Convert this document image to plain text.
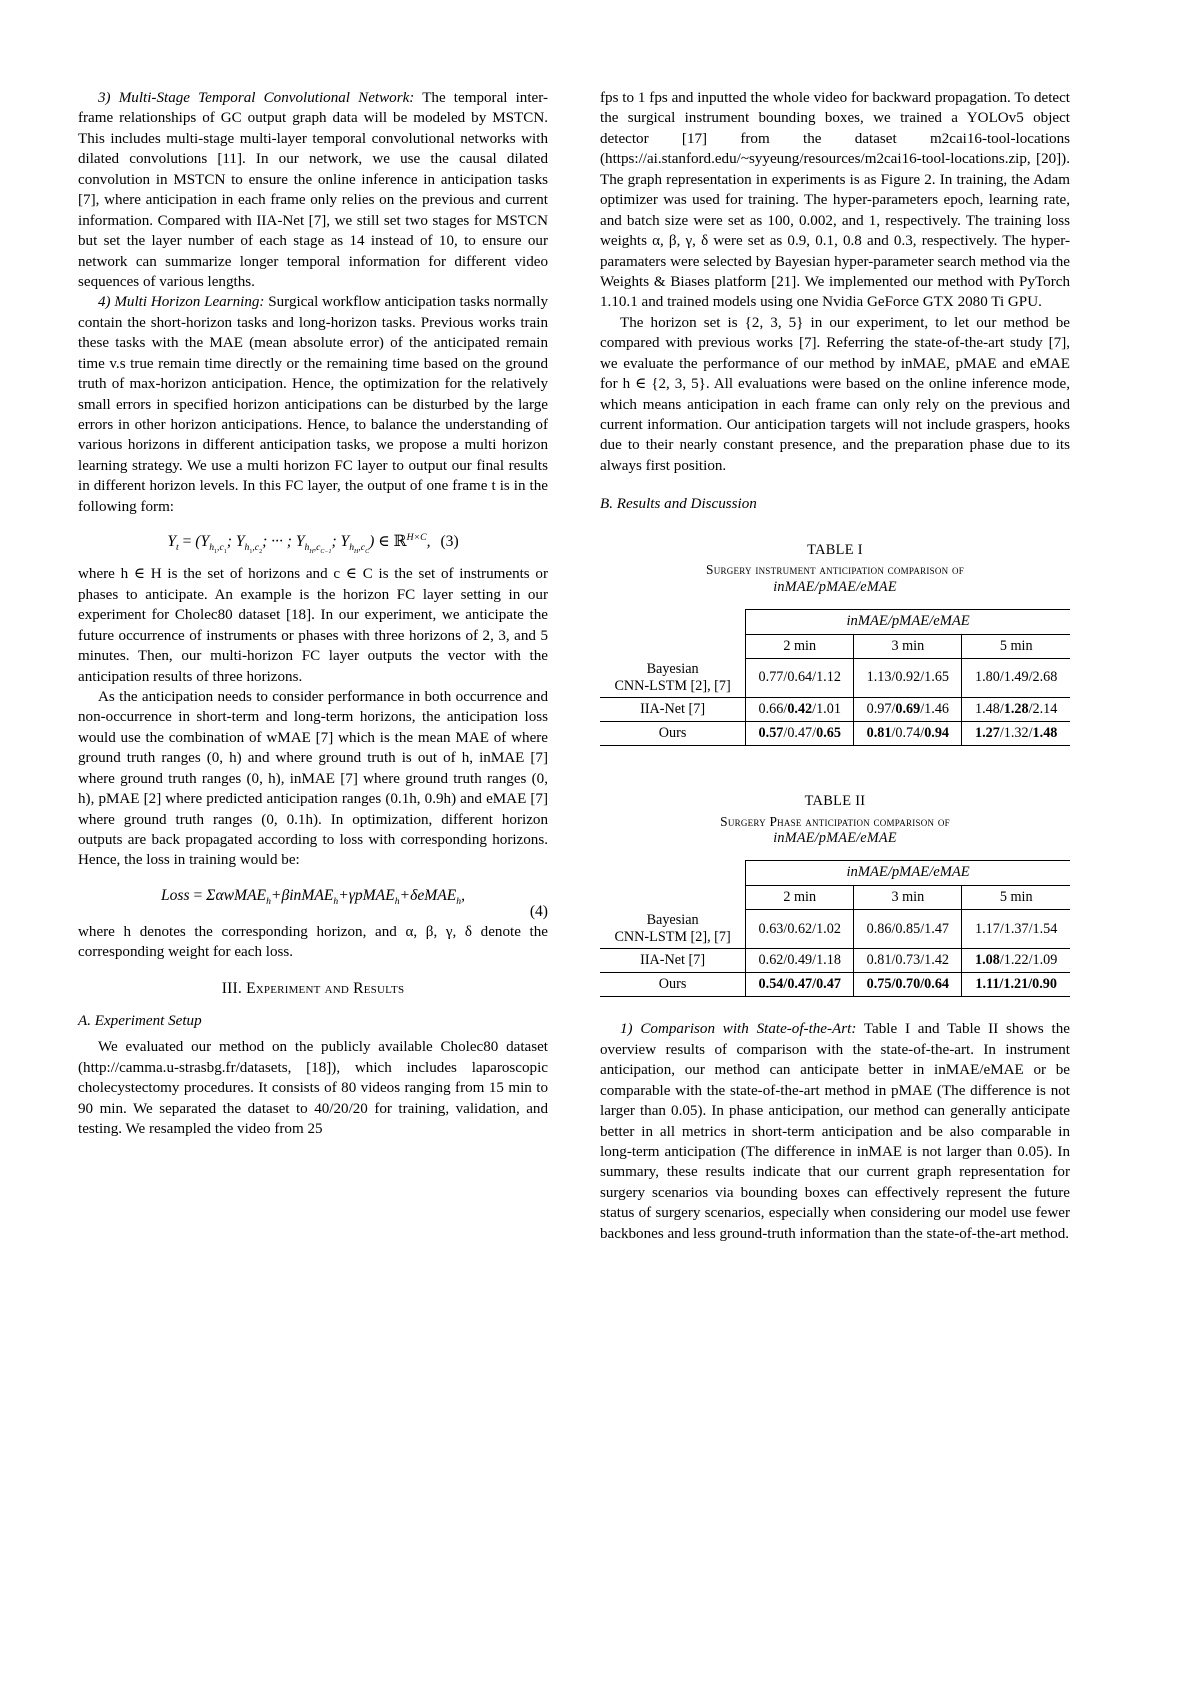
3) Multi-Stage Temporal Convolutional Network: The temporal inter-frame relationships of GC output graph data will be modeled by MSTCN. This includes multi-stage multi-layer temporal convolutional networks with dilated convolutions [11]. In our network, we use the causal dilated convolution in MSTCN to ensure the online inference in anticipation tasks [7], where anticipation in each frame only relies on the previous and current information. Compared with IIA-Net [7], we still set two stages for MSTCN but set the layer number of each stage as 14 instead of 10, to ensure our network can summarize longer temporal information for different video sequences of various lengths.

4) Multi Horizon Learning: Surgical workflow anticipation tasks normally contain the short-horizon tasks and long-horizon tasks. Previous works train these tasks with the MAE (mean absolute error) of the anticipated remain time v.s true remain time directly or the remaining time based on the ground truth of max-horizon anticipation. Hence, the optimization for the relatively small errors in specified horizon anticipations can be disturbed by the large errors in other horizon anticipations. Hence, to balance the understanding of various horizons in different anticipation tasks, we propose a multi horizon learning strategy. We use a multi horizon FC layer to output our final results in different horizon levels. In this FC layer, the output of one frame t is in the following form:

$Y_t = (Y_{h_1,c_1}$; $Y_{h_1,c_2}$; ··· ; $Y_{h_H,c_{C-1}}$; $Y_{h_H,c_C}$) ∈ ℝ$^{H\times C}$, (3)

where h ∈ H is the set of horizons and c ∈ C is the set of instruments or phases to anticipate. An example is the horizon FC layer setting in our experiment for Cholec80 dataset [18]. In our experiment, we anticipate the future occurrence of instruments or phases with three horizons of 2, 3, and 5 minutes. Then, our multi-horizon FC layer outputs the vector with the anticipation results of three horizons.

As the anticipation needs to consider performance in both occurrence and non-occurrence in short-term and long-term horizons, the anticipation loss would use the combination of wMAE [7] which is the mean MAE of where ground truth ranges (0, h) and where ground truth is out of h, inMAE [7] where ground truth ranges (0, h), inMAE [7] where ground truth ranges (0, h), pMAE [2] where predicted anticipation ranges (0.1h, 0.9h) and eMAE [7] where ground truth ranges (0, 0.1h). In optimization, different horizon outputs are back propagated according to loss with corresponding horizons. Hence, the loss in training would be:

Loss = ΣαwMAE$_h$+βinMAE$_h$+γpMAE$_h$+δeMAE$_h$,
(4)

where h denotes the corresponding horizon, and α, β, γ, δ denote the corresponding weight for each loss.

III. Experiment and Results

A. Experiment Setup

We evaluated our method on the publicly available Cholec80 dataset (http://camma.u-strasbg.fr/datasets, [18]), which includes laparoscopic cholecystectomy procedures. It consists of 80 videos ranging from 15 min to 90 min. We separated the dataset to 40/20/20 for training, validation, and testing. We resampled the video from 25

fps to 1 fps and inputted the whole video for backward propagation. To detect the surgical instrument bounding boxes, we trained a YOLOv5 object detector [17] from the dataset m2cai16-tool-locations (https://ai.stanford.edu/~syyeung/resources/m2cai16-tool-locations.zip, [20]). The graph representation in experiments is as Figure 2. In training, the Adam optimizer was used for training. The hyper-parameters epoch, learning rate, and batch size were set as 100, 0.002, and 1, respectively. The training loss weights α, β, γ, δ were set as 0.9, 0.1, 0.8 and 0.3, respectively. The hyper-paramaters were selected by Bayesian hyper-parameter search method via the Weights & Biases platform [21]. We implemented our method with PyTorch 1.10.1 and trained models using one Nvidia GeForce GTX 2080 Ti GPU.

The horizon set is {2, 3, 5} in our experiment, to let our method be compared with previous works [7]. Referring the state-of-the-art study [7], we evaluate the performance of our method by inMAE, pMAE and eMAE for h ∈ {2, 3, 5}. All evaluations were based on the online inference mode, which means anticipation in each frame can only rely on the previous and current information. Our anticipation targets will not include graspers, hooks due to their nearly constant presence, and the preparation phase due to its always first position.

B. Results and Discussion

TABLE I
Surgery instrument anticipation comparison of
inMAE/pMAE/eMAE
	inMAE/pMAE/eMAE		
	2 min	3 min	5 min
Bayesian
CNN-LSTM [2], [7]	0.77/0.64/1.12	1.13/0.92/1.65	1.80/1.49/2.68
IIA-Net [7]	0.66/0.42/1.01	0.97/0.69/1.46	1.48/1.28/2.14
Ours	0.57/0.47/0.65	0.81/0.74/0.94	1.27/1.32/1.48
TABLE II
Surgery Phase anticipation comparison of
inMAE/pMAE/eMAE
	inMAE/pMAE/eMAE		
	2 min	3 min	5 min
Bayesian
CNN-LSTM [2], [7]	0.63/0.62/1.02	0.86/0.85/1.47	1.17/1.37/1.54
IIA-Net [7]	0.62/0.49/1.18	0.81/0.73/1.42	1.08/1.22/1.09
Ours	0.54/0.47/0.47	0.75/0.70/0.64	1.11/1.21/0.90

1) Comparison with State-of-the-Art: Table I and Table II shows the overview results of comparison with the state-of-the-art. In instrument anticipation, our method can anticipate better in inMAE/eMAE or be comparable with the state-of-the-art method in pMAE (The difference is not larger than 0.05). In phase anticipation, our method can generally anticipate better in all metrics in short-term anticipation and be also comparable in long-term anticipation (The difference in inMAE is not larger than 0.05). In summary, these results indicate that our current graph representation for surgery scenarios via bounding boxes can effectively represent the future status of surgery scenarios, especially when considering our model use fewer backbones and less ground-truth information than the state-of-the-art method.
